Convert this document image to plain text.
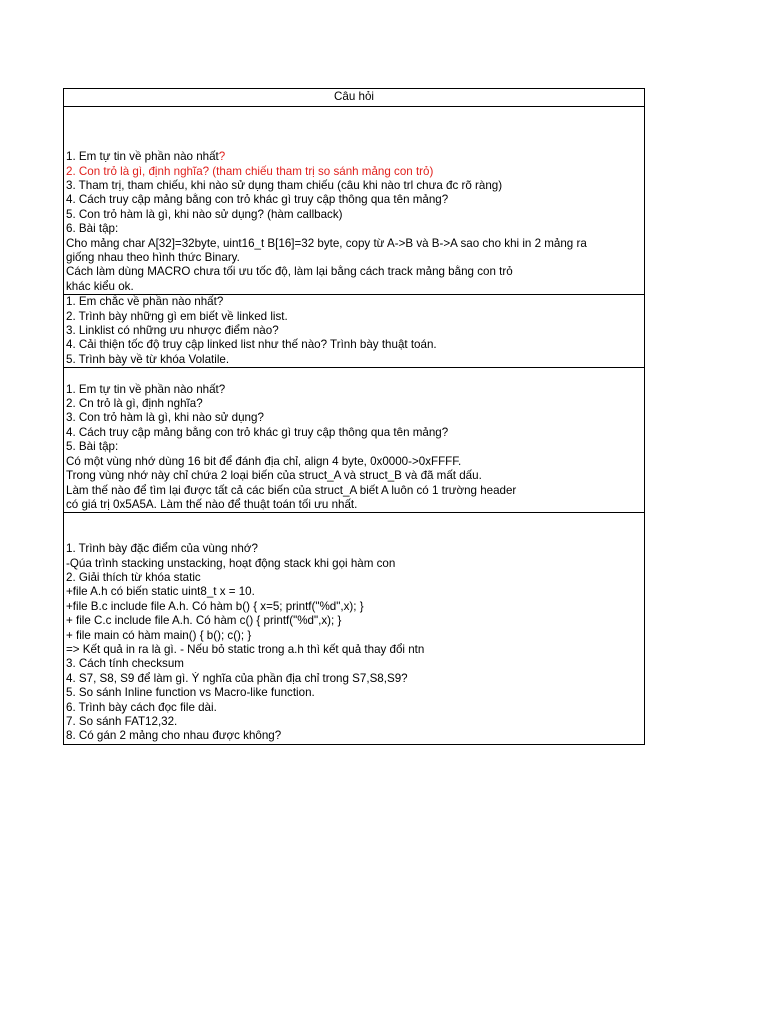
Câu hỏi

1. Em tự tin về phần nào nhất?
2. Con trỏ là gì, định nghĩa? (tham chiếu tham trị so sánh mảng con trỏ)
3. Tham trị, tham chiếu, khi nào sử dụng tham chiếu (câu khi nào trl chưa đc rõ ràng)
4. Cách truy cập mảng bằng con trỏ khác gì truy cập thông qua tên mảng?
5. Con trỏ hàm là gì, khi nào sử dụng? (hàm callback)
6. Bài tập:
Cho mảng char A[32]=32byte, uint16_t B[16]=32 byte, copy từ A->B và B->A sao cho khi in 2 mảng ra
giống nhau theo hình thức Binary.
Cách làm dùng MACRO chưa tối ưu tốc độ, làm lại bằng cách track mảng bằng con trỏ
khác kiểu ok.

1. Em chắc về phần nào nhất?
2. Trình bày những gì em biết về linked list.
3. Linklist có những ưu nhược điểm nào?
4. Cải thiện tốc độ truy cập linked list như thế nào? Trình bày thuật toán.
5. Trình bày về từ khóa Volatile.

1. Em tự tin về phần nào nhất?
2. Cn trỏ là gì, định nghĩa?
3. Con trỏ hàm là gì, khi nào sử dụng?
4. Cách truy cập mảng bằng con trỏ khác gì truy cập thông qua tên mảng?
5. Bài tập:
Có một vùng nhớ dùng 16 bit để đánh địa chỉ, align 4 byte, 0x0000->0xFFFF.
Trong vùng nhớ này chỉ chứa 2 loại biến của struct_A và struct_B và đã mất dấu.
Làm thế nào để tìm lại được tất cả các biến của struct_A biết A luôn có 1 trường header
có giá trị 0x5A5A. Làm thế nào để thuật toán tối ưu nhất.

1. Trình bày đặc điểm của vùng nhớ?
-Qúa trình stacking unstacking, hoạt động stack khi gọi hàm con
2. Giải thích từ khóa static
+file A.h có biến static uint8_t x = 10.
+file B.c include file A.h. Có hàm b() { x=5; printf("%d",x); }
+ file C.c include file A.h. Có hàm c() { printf("%d",x); }
+ file main có hàm main() { b(); c(); }
=> Kết quả in ra là gì. - Nếu bỏ static trong a.h thì kết quả thay đổi ntn
3. Cách tính checksum
4. S7, S8, S9 để làm gì. Ý nghĩa của phần địa chỉ trong S7,S8,S9?
5. So sánh Inline function vs Macro-like function.
6. Trình bày cách đọc file dài.
7. So sánh FAT12,32.
8. Có gán 2 mảng cho nhau được không?
